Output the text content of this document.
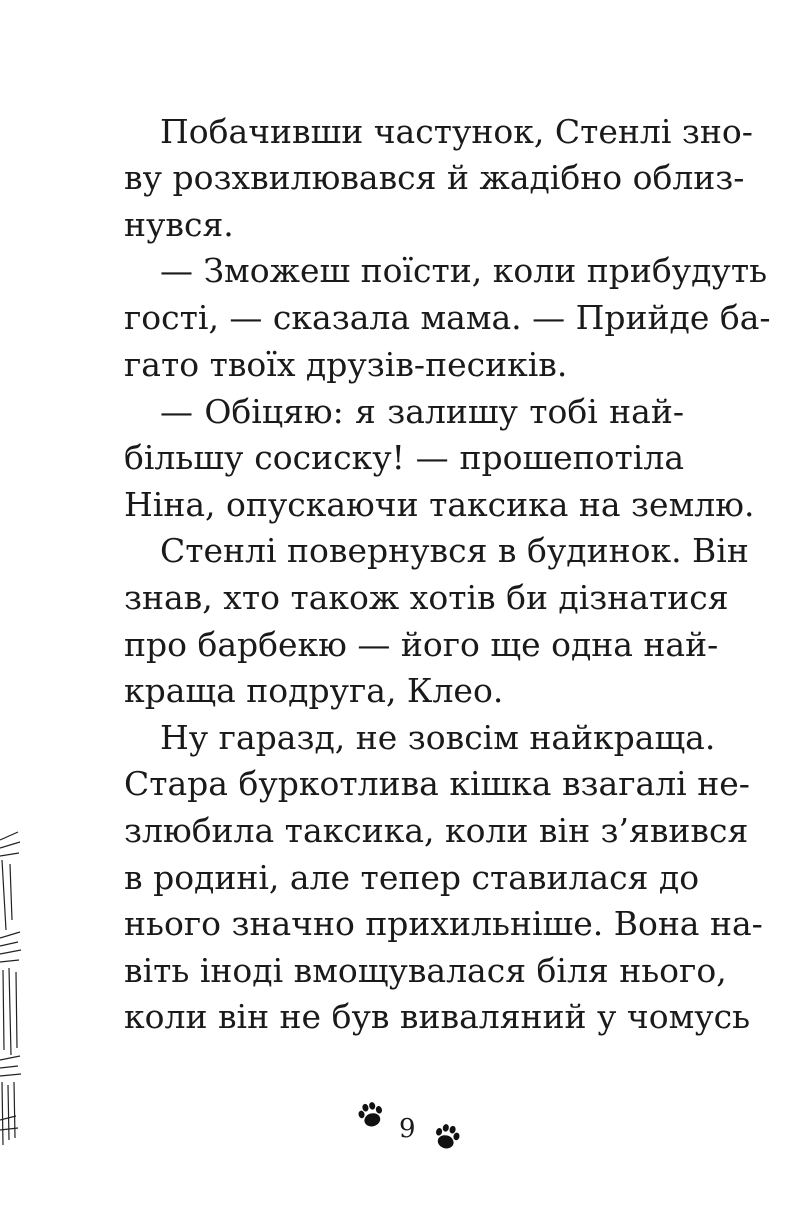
Побачивши частунок, Стенлі зно-

ву розхвилювався й жадібно облиз-

нувся.

— Зможеш поїсти, коли прибудуть

гості, — сказала мама. — Прийде ба-

гато твоїх друзів-песиків.

— Обіцяю: я залишу тобі най-

більшу сосиску! — прошепотіла

Ніна, опускаючи таксика на землю.

Стенлі повернувся в будинок. Він

знав, хто також хотів би дізнатися

про барбекю — його ще одна най-

краща подруга, Клео.

Ну гаразд, не зовсім найкраща.

Стара буркотлива кішка взагалі не-

злюбила таксика, коли він з’явився

в родині, але тепер ставилася до

нього значно прихильніше. Вона на-

віть іноді вмощувалася біля нього,

коли він не був виваляний у чомусь

9
